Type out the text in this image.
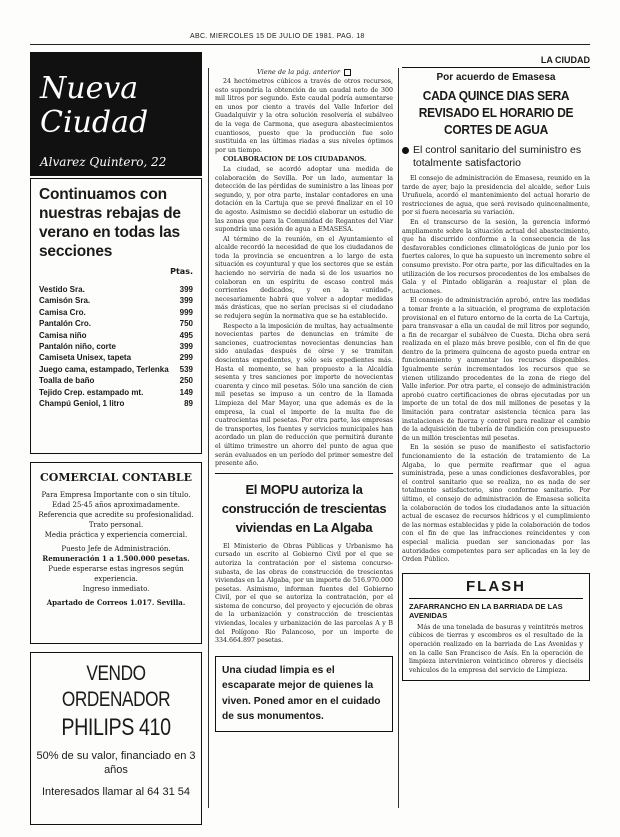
ABC. MIERCOLES 15 DE JULIO DE 1981. PAG. 18
Nueva
Ciudad
Alvarez Quintero, 22
Continuamos con nuestras rebajas de verano en todas las secciones
Ptas.
Vestido Sra.	399
Camisón Sra.	399
Camisa Cro.	999
Pantalón Cro.	750
Camisa niño	495
Pantalón niño, corte	399
Camiseta Unisex, tapeta	299
Juego cama, estampado, Terlenka	539
Toalla de baño	250
Tejido Crep. estampado mt.	149
Champú Geniol, 1 litro	89
COMERCIAL CONTABLE
Para Empresa Importante con o sin título. Edad 25-45 años aproximadamente. Referencia que acredite su profesionalidad. Trato personal.
Media práctica y experiencia comercial.
Puesto Jefe de Administración.
Remuneración 1 a 1.500.000 pesetas.
Puede esperarse estas ingresos según experiencia.
Ingreso inmediato.
Apartado de Correos 1.017. Sevilla.
VENDO ORDENADOR
PHILIPS 410
50% de su valor, financiado en 3 años
Interesados llamar al 64 31 54
Viene de la pág. anterior

24 hectómetros cúbicos a través de otros recursos, esto supondría la obtención de un caudal neto de 300 mil litros por segundo. Este caudal podría aumentarse en unos por ciento a través del Valle Inferior del Guadalquivir y la otra solución resolvería el subálveo de la vega de Carmona, que asegura abastecimientos cuantiosos, puesto que la producción fue solo sustituida en las últimas riadas a sus niveles óptimos por un tiempo.

COLABORACION DE LOS CIUDADANOS.

La ciudad, se acordó adoptar una medida de colaboración de Sevilla. Por un lado, aumentar la detección de las pérdidas de suministro a las líneas por segundo, y, por otra parte, instalar contadores en una dotación en la Cartuja que se prevé finalizar en el 10 de agosto. Asimismo se decidió elaborar un estudio de las zonas que para la Comunidad de Regantes del Viar supondría una cesión de agua a EMASESA.

Al término de la reunión, en el Ayuntamiento el alcalde recordó la necesidad de que los ciudadanos de toda la provincia se encuentren a lo largo de esta situación es coyuntural y que los sectores que se están haciendo no serviría de nada si de los usuarios no colaboran en un espíritu de escaso control más corrientes dedicados, y en la «unidad», necesariamente habrá que volver a adoptar medidas más drásticas, que no serían precisas si el ciudadano se redujera según la normativa que se ha establecido.

Respecto a la imposición de multas, hay actualmente novecientas partes de denuncias en trámite de sanciones, cuatrocientas novecientas denuncias han sido anuladas después de oírse y se tramitan doscientas expedientes, y sólo seis expedientes más. Hasta el momento, se han propuesto a la Alcaldía sesenta y tres sanciones por importe de novecientas cuarenta y cinco mil pesetas. Sólo una sanción de cien mil pesetas se impuso a un centro de la llamada Limpieza del Mar Mayor, una que además es de la empresa, la cual el importe de la multa fue de cuatrocientas mil pesetas. Por otra parte, las empresas de transportes, los fuentes y servicios municipales han acordado un plan de reducción que permitirá durante el último trimestre un ahorro del punto de agua que serán evaluados en un período del primer semestre del presente año.

El MOPU autoriza la construcción de trescientas viviendas en La Algaba

El Ministerio de Obras Públicas y Urbanismo ha cursado un escrito al Gobierno Civil por el que se autoriza la contratación por el sistema concurso-subasta, de las obras de construcción de trescientas viviendas en La Algaba, por un importe de 516.970.000 pesetas. Asimismo, informan fuentes del Gobierno Civil, por el que se autoriza la contratación, por el sistema de concurso, del proyecto y ejecución de obras de la urbanización y construcción de trescientas viviendas, locales y urbanización de las parcelas A y B del Polígono Rio Palancoso, por un importe de 334.664.897 pesetas.

Una ciudad limpia es el escaparate mejor de quienes la viven. Poned amor en el cuidado de sus monumentos.
LA CIUDAD
Por acuerdo de Emasesa
CADA QUINCE DIAS SERA REVISADO EL HORARIO DE CORTES DE AGUA
El control sanitario del suministro es totalmente satisfactorio

El consejo de administración de Emasesa, reunido en la tarde de ayer, bajo la presidencia del alcalde, señor Luis Uruñuela, acordó el mantenimiento del actual horario de restricciones de agua, que será revisado quincenalmente, por si fuera necesaria su variación.

En el transcurso de la sesión, la gerencia informó ampliamente sobre la situación actual del abastecimiento, que ha discurrido conforme a la consecuencia de las desfavorables condiciones climatológicas de junio por los fuertes calores, lo que ha supuesto un incremento sobre el consumo previsto. Por otra parte, por las dificultades en la utilización de los recursos procedentes de los embalses de Gala y el Pintado obligarán a reajustar el plan de actuaciones.

El consejo de administración aprobó, entre las medidas a tomar frente a la situación, el programa de explotación provisional en el futuro entorno de la corta de La Cartuja, para transvasar a ella un caudal de mil litros por segundo, a fin de recargar el subálveo de Cuesta. Dicha obra será realizada en el plazo más breve posible, con el fin de que dentro de la primera quincena de agosto pueda entrar en funcionamiento y aumentar los recursos disponibles. Igualmente serán incrementados los recursos que se vienen utilizando procedentes de la zona de riego del Valle inferior. Por otra parte, el consejo de administración aprobó cuatro certificaciones de obras ejecutadas por un importe de un total de dos mil millones de pesetas y la limitación para contratar asistencia técnica para las instalaciones de fuerza y control para realizar el cambio de la adquisición de tubería de fundición con presupuesto de un millón trescientas mil pesetas.

En la sesión se puso de manifiesto el satisfactorio funcionamiento de la estación de tratamiento de La Algaba, lo que permite reafirmar que el agua suministrada, pese a unas condiciones desfavorables, por el control sanitario que se realiza, no es nada de ser totalmente satisfactorio, sino conforme sanitario. Por último, el consejo de administración de Emasesa solicita la colaboración de todos los ciudadanos ante la situación actual de escasez de recursos hídricos y el cumplimiento de las normas establecidas y pide la colaboración de todos con el fin de que las infracciones reincidentes y con especial malicia puedan ser sancionadas por las autoridades competentes para ser aplicadas en la ley de Orden Público.

FLASH
ZAFARRANCHO EN LA BARRIADA DE LAS AVENIDAS

Más de una tonelada de basuras y veintitrés metros cúbicos de tierras y escombros es el resultado de la operación realizado en la barriada de Las Avenidas y en la calle San Francisco de Asís. En la operación de limpieza intervinieron veinticinco obreros y dieciséis vehículos de la empresa del servicio de Limpieza.
